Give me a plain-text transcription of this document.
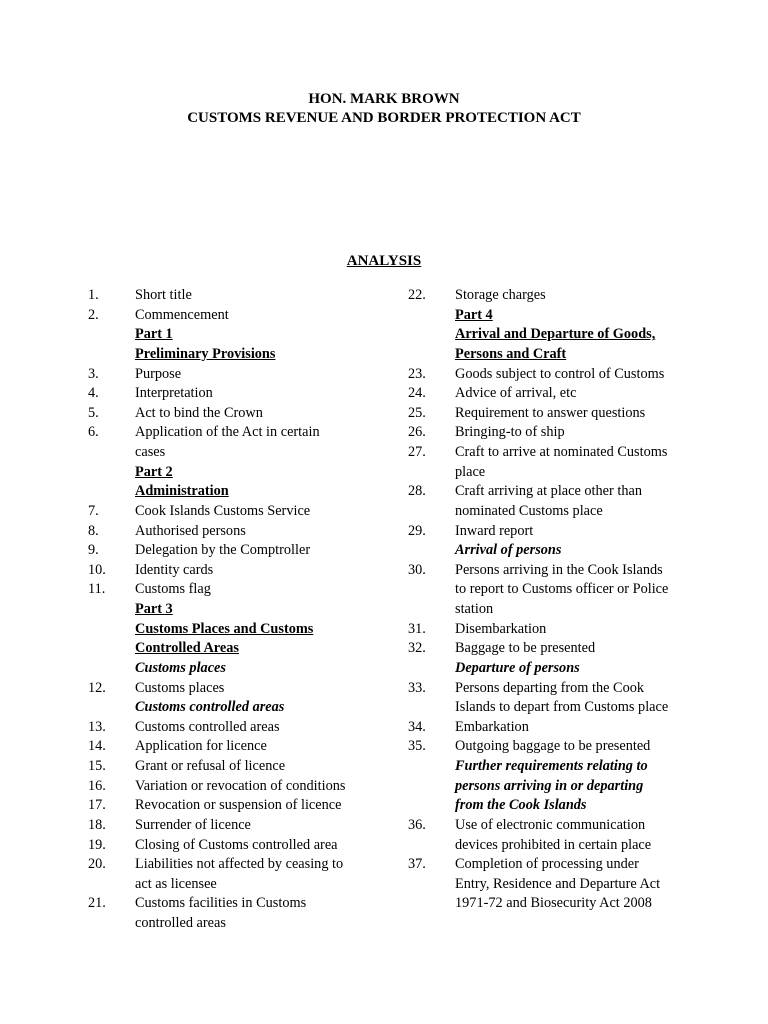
HON. MARK BROWN
CUSTOMS REVENUE AND BORDER PROTECTION ACT
ANALYSIS
1.	Short title
2.	Commencement
Part 1
Preliminary Provisions
3.	Purpose
4.	Interpretation
5.	Act to bind the Crown
6.	Application of the Act in certain
cases
Part 2
Administration
7.	Cook Islands Customs Service
8.	Authorised persons
9.	Delegation by the Comptroller
10. Identity cards
11. Customs flag
Part 3
Customs Places and Customs
Controlled Areas
Customs places
12. Customs places
Customs controlled areas
13. Customs controlled areas
14. Application for licence
15. Grant or refusal of licence
16. Variation or revocation of conditions
17. Revocation or suspension of licence
18. Surrender of licence
19. Closing of Customs controlled area
20. Liabilities not affected by ceasing to
act as licensee
21. Customs facilities in Customs
controlled areas
22. Storage charges
Part 4
Arrival and Departure of Goods,
Persons and Craft
23. Goods subject to control of Customs
24. Advice of arrival, etc
25. Requirement to answer questions
26. Bringing-to of ship
27. Craft to arrive at nominated Customs
place
28. Craft arriving at place other than
nominated Customs place
29. Inward report
Arrival of persons
30. Persons arriving in the Cook Islands
to report to Customs officer or Police
station
31. Disembarkation
32. Baggage to be presented
Departure of persons
33. Persons departing from the Cook
Islands to depart from Customs place
34. Embarkation
35. Outgoing baggage to be presented
Further requirements relating to
persons arriving in or departing
from the Cook Islands
36. Use of electronic communication
devices prohibited in certain place
37. Completion of processing under
Entry, Residence and Departure Act
1971-72 and Biosecurity Act 2008
